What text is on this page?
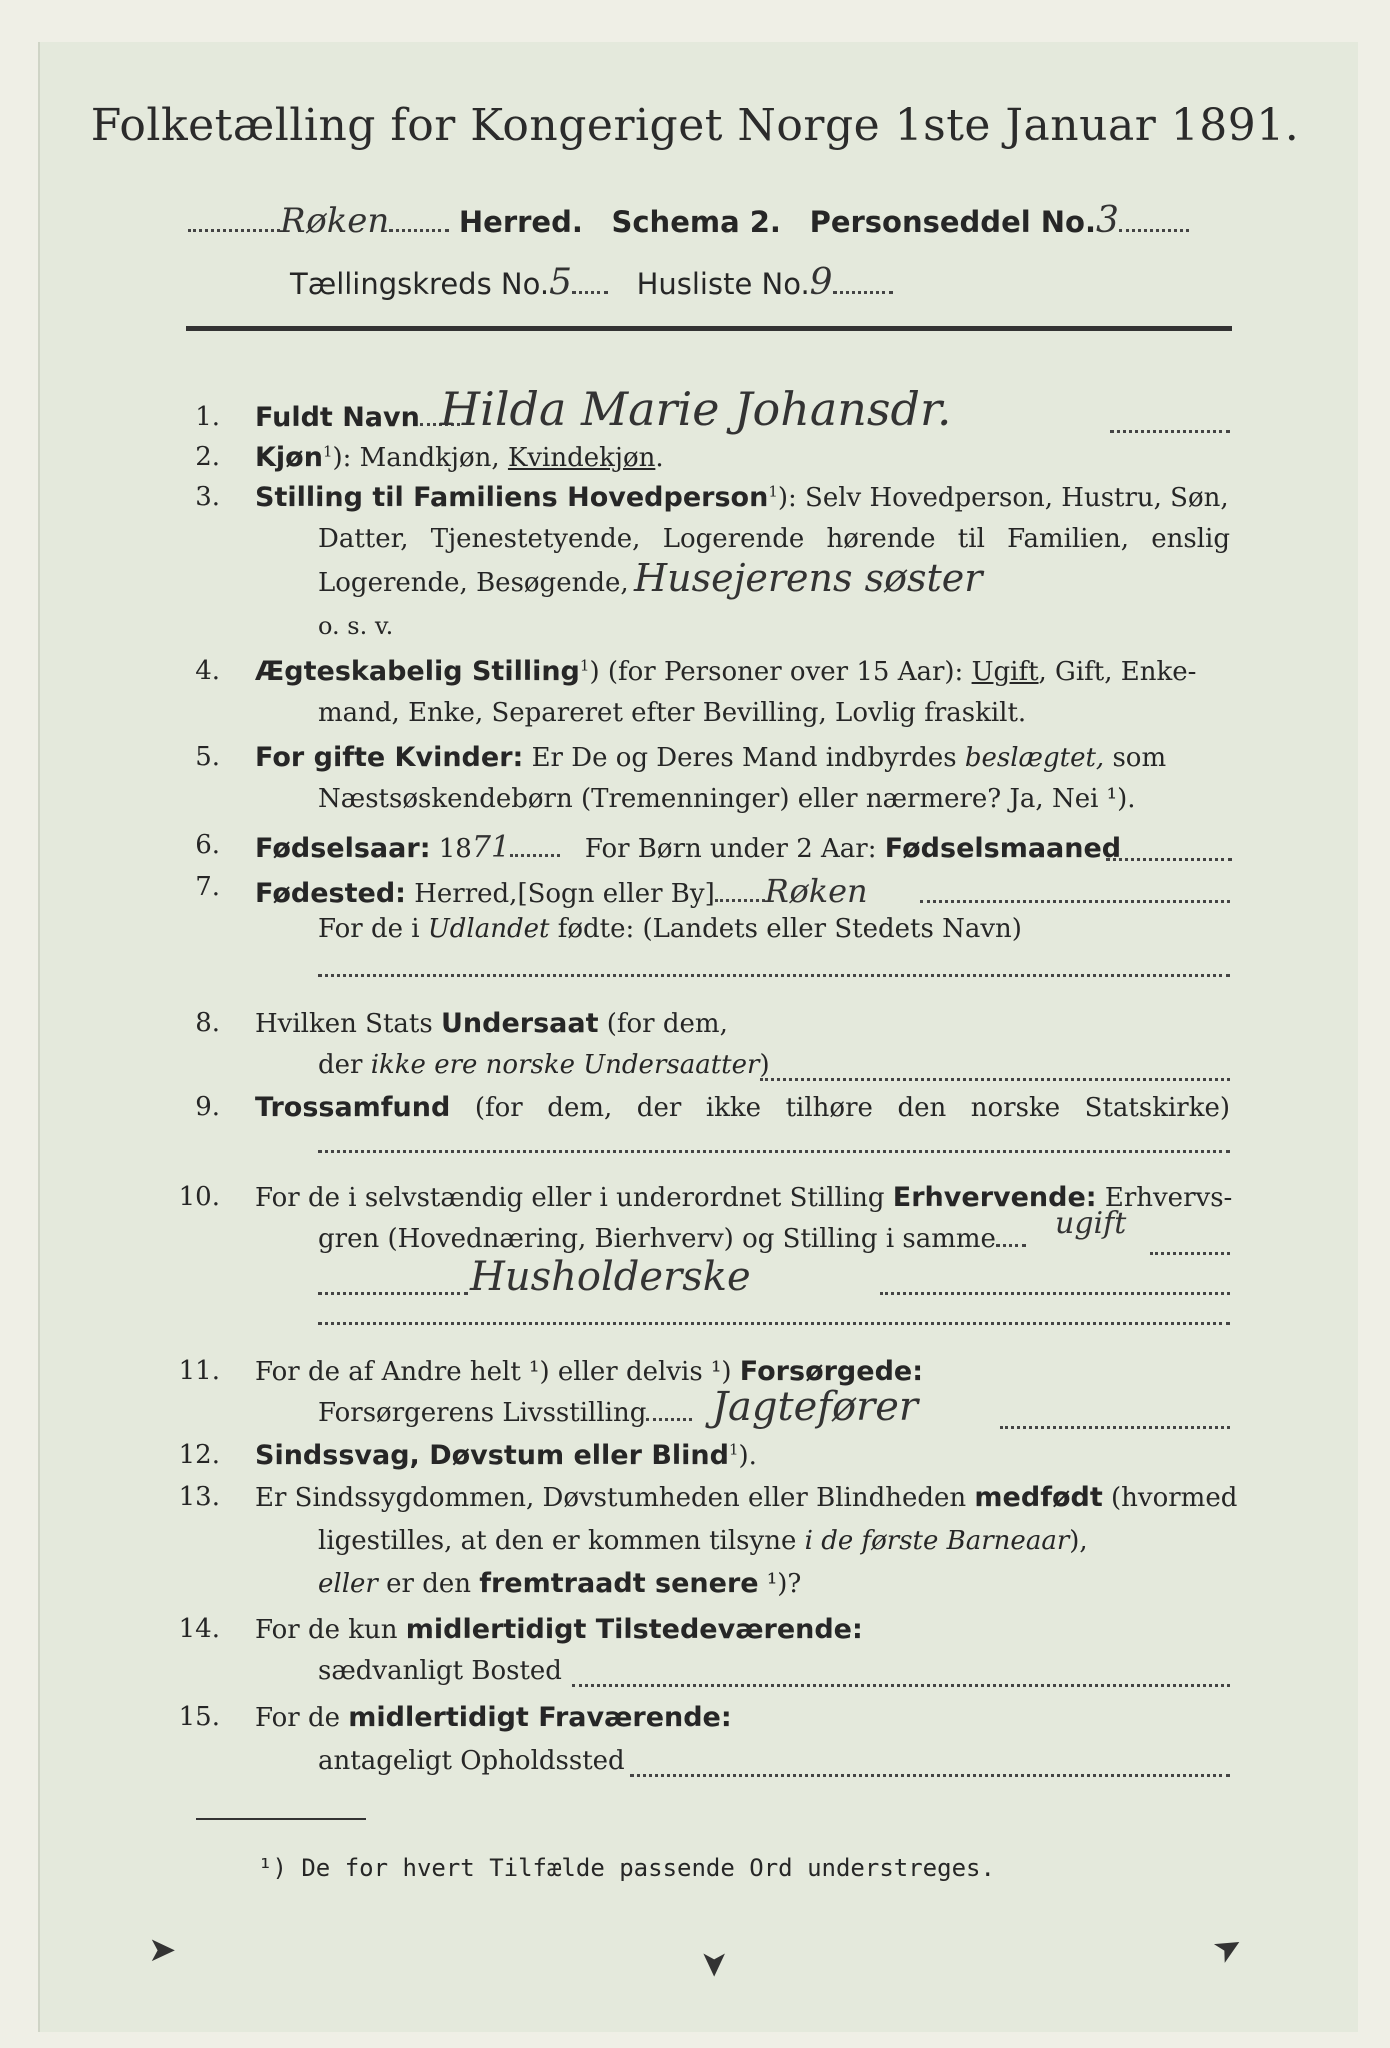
Folketælling for Kongeriget Norge 1ste Januar 1891.
Røken Herred. Schema 2. Personseddel No.3
Tællingskreds No.5 Husliste No.9
1. Fuldt Navn Hilda Marie Johansdr.
2. Kjøn$^1$): Mandkjøn, Kvindekjøn.
3. Stilling til Familiens Hovedperson$^1$): Selv Hovedperson, Hustru, Søn,
Datter, Tjenestetyende, Logerende hørende til Familien, enslig
Logerende, Besøgende, Husejerens søster
o. s. v.
4. Ægteskabelig Stilling$^1$) (for Personer over 15 Aar): Ugift, Gift, Enke-
mand, Enke, Separeret efter Bevilling, Lovlig fraskilt.
5. For gifte Kvinder: Er De og Deres Mand indbyrdes beslægtet, som
Næstsøskendebørn (Tremenninger) eller nærmere? Ja, Nei ¹).
6. Fødselsaar: 1871	For Børn under 2 Aar: Fødselsmaaned
7. Fødested: Herred,[Sogn eller By] Røken
For de i Udlandet fødte: (Landets eller Stedets Navn)
8. Hvilken Stats Undersaat (for dem,
der ikke ere norske Undersaatter)
9. Trossamfund (for dem, der ikke tilhøre den norske Statskirke)
10. For de i selvstændig eller i underordnet Stilling Erhvervende: Erhvervs-
gren (Hovednæring, Bierhverv) og Stilling i samme	ugift
Husholderske
11. For de af Andre helt ¹) eller delvis ¹) Forsørgede:
Forsørgerens Livsstilling	Jagtefører
12. Sindssvag, Døvstum eller Blind$^1$).
13. Er Sindssygdommen, Døvstumheden eller Blindheden medfødt (hvormed
ligestilles, at den er kommen tilsyne i de første Barneaar),
eller er den fremtraadt senere ¹)?
14. For de kun midlertidigt Tilstedeværende:
sædvanligt Bosted
15. For de midlertidigt Fraværende:
antageligt Opholdssted
¹) De for hvert Tilfælde passende Ord understreges.
➤	➤	➤
